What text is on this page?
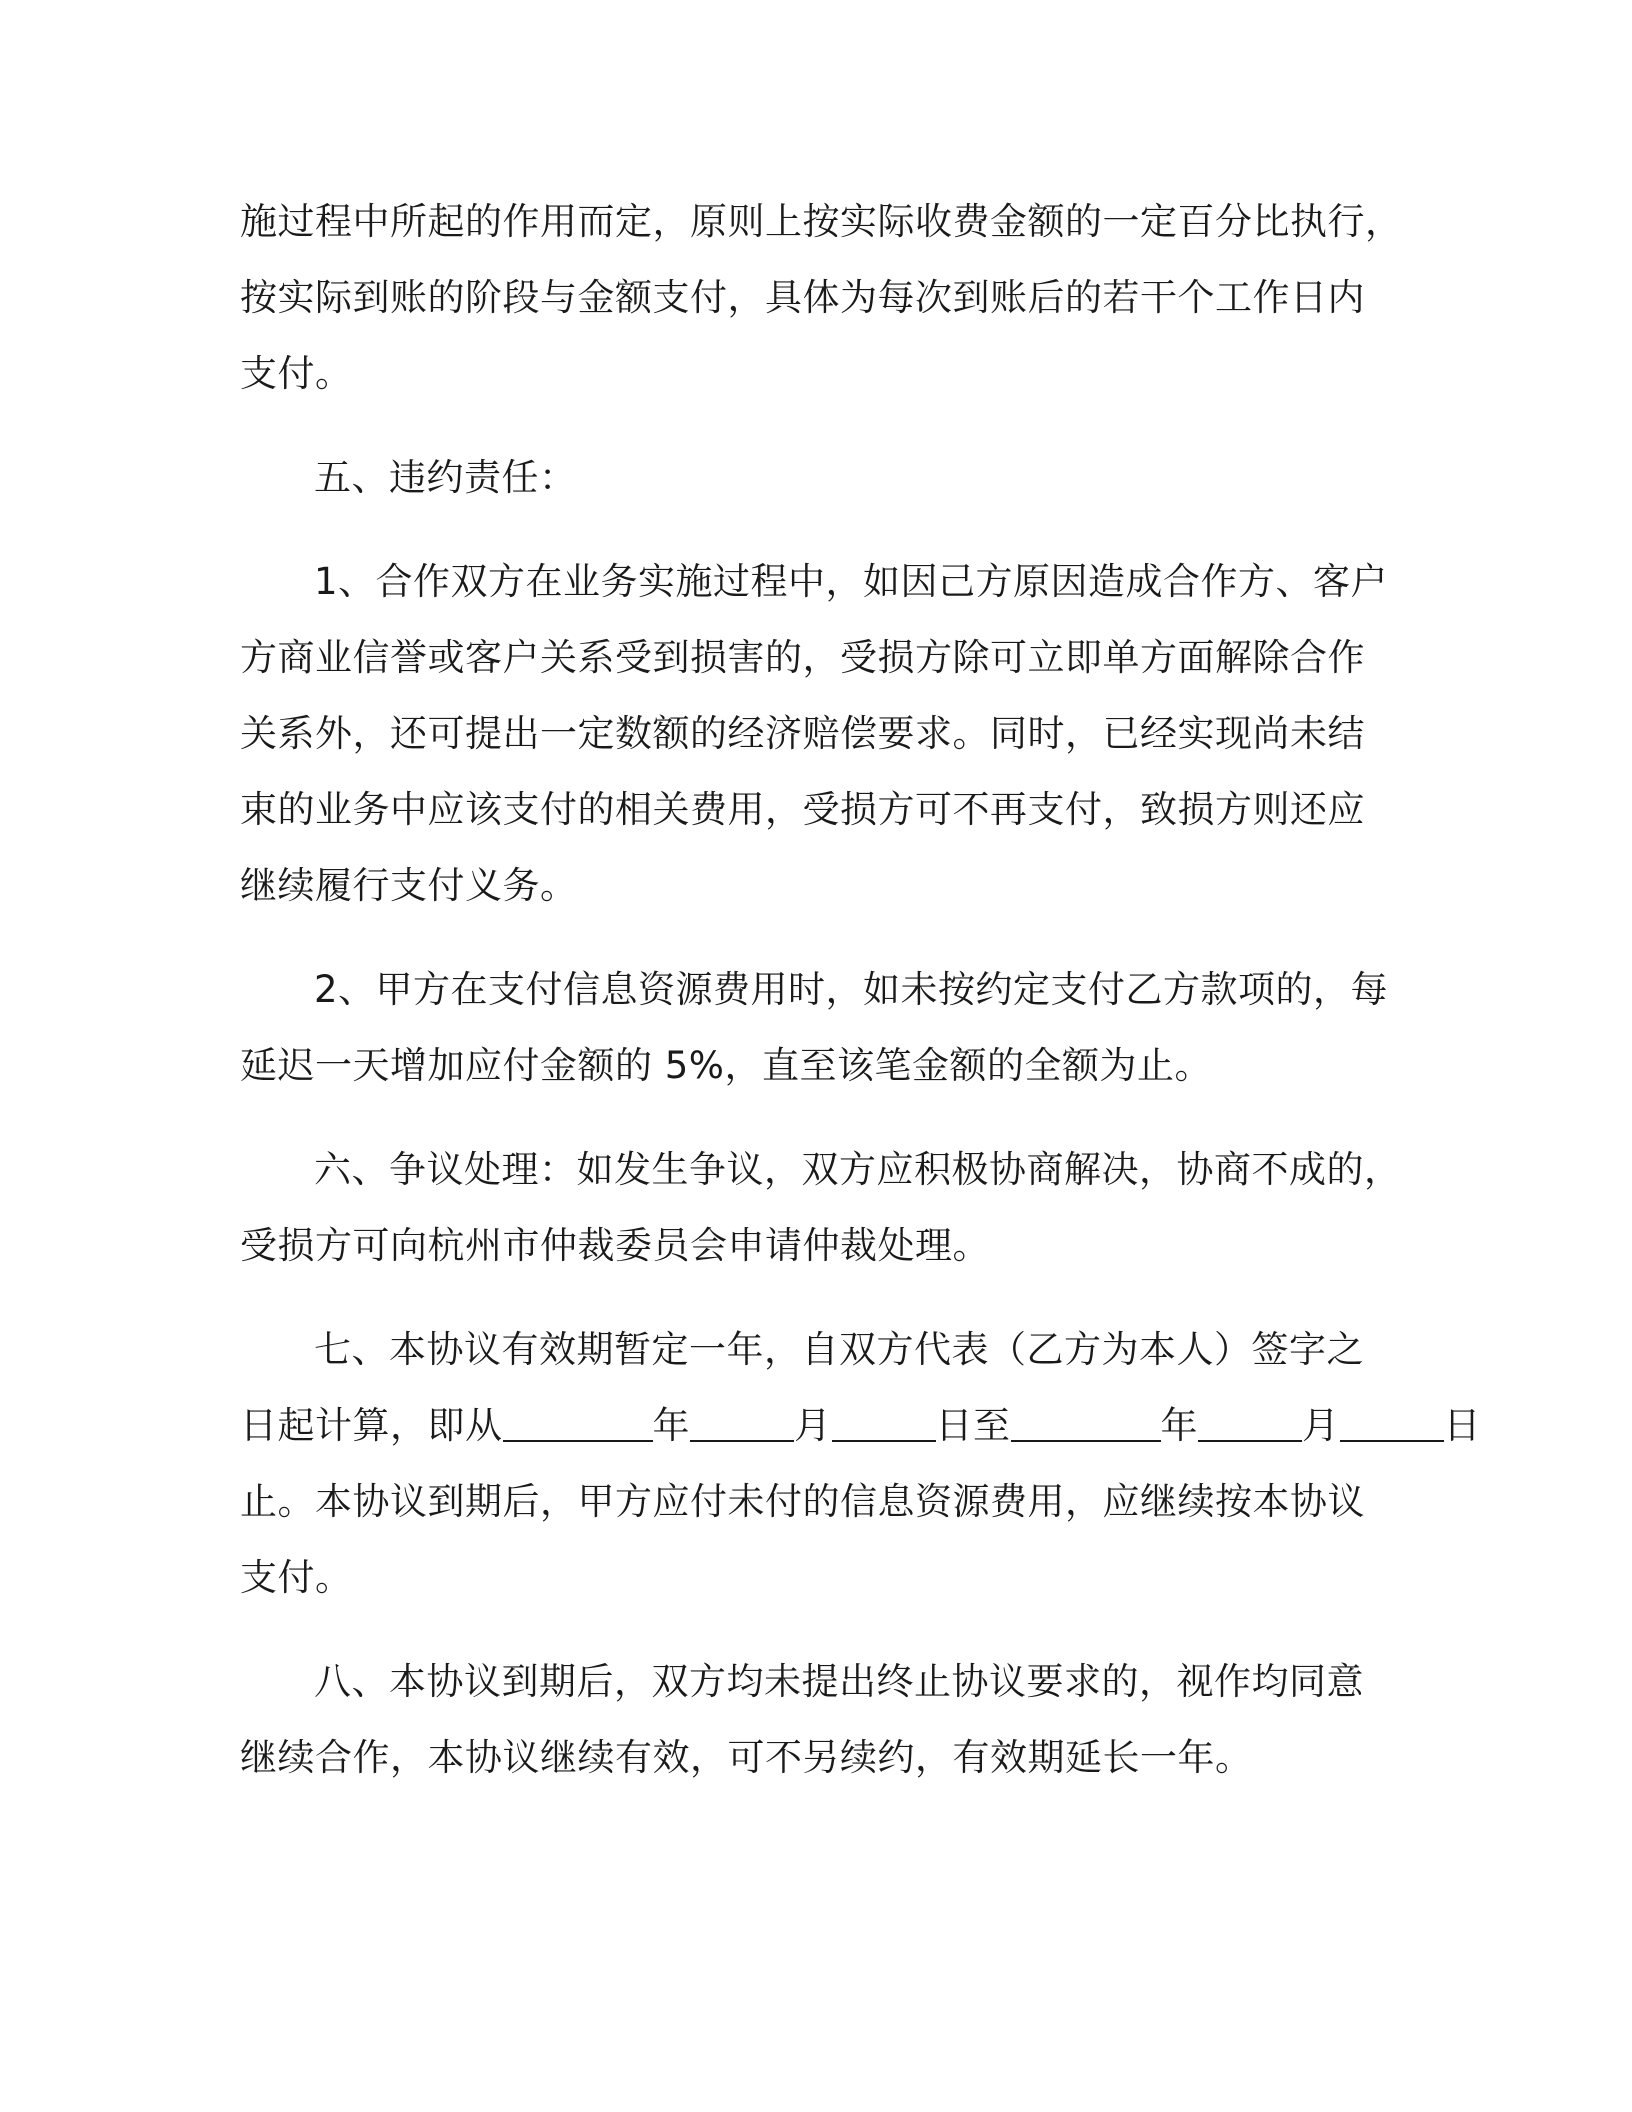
施过程中所起的作用而定，原则上按实际收费金额的一定百分比执行，
按实际到账的阶段与金额支付，具体为每次到账后的若干个工作日内
支付。
五、违约责任：
1、合作双方在业务实施过程中，如因己方原因造成合作方、客户
方商业信誉或客户关系受到损害的，受损方除可立即单方面解除合作
关系外，还可提出一定数额的经济赔偿要求。同时，已经实现尚未结
束的业务中应该支付的相关费用，受损方可不再支付，致损方则还应
继续履行支付义务。
2、甲方在支付信息资源费用时，如未按约定支付乙方款项的，每
延迟一天增加应付金额的 5%，直至该笔金额的全额为止。
六、争议处理：如发生争议，双方应积极协商解决，协商不成的，
受损方可向杭州市仲裁委员会申请仲裁处理。
七、本协议有效期暂定一年，自双方代表（乙方为本人）签字之
日起计算，即从	年	月	日至	年	月	日
止。本协议到期后，甲方应付未付的信息资源费用，应继续按本协议
支付。
八、本协议到期后，双方均未提出终止协议要求的，视作均同意
继续合作，本协议继续有效，可不另续约，有效期延长一年。
